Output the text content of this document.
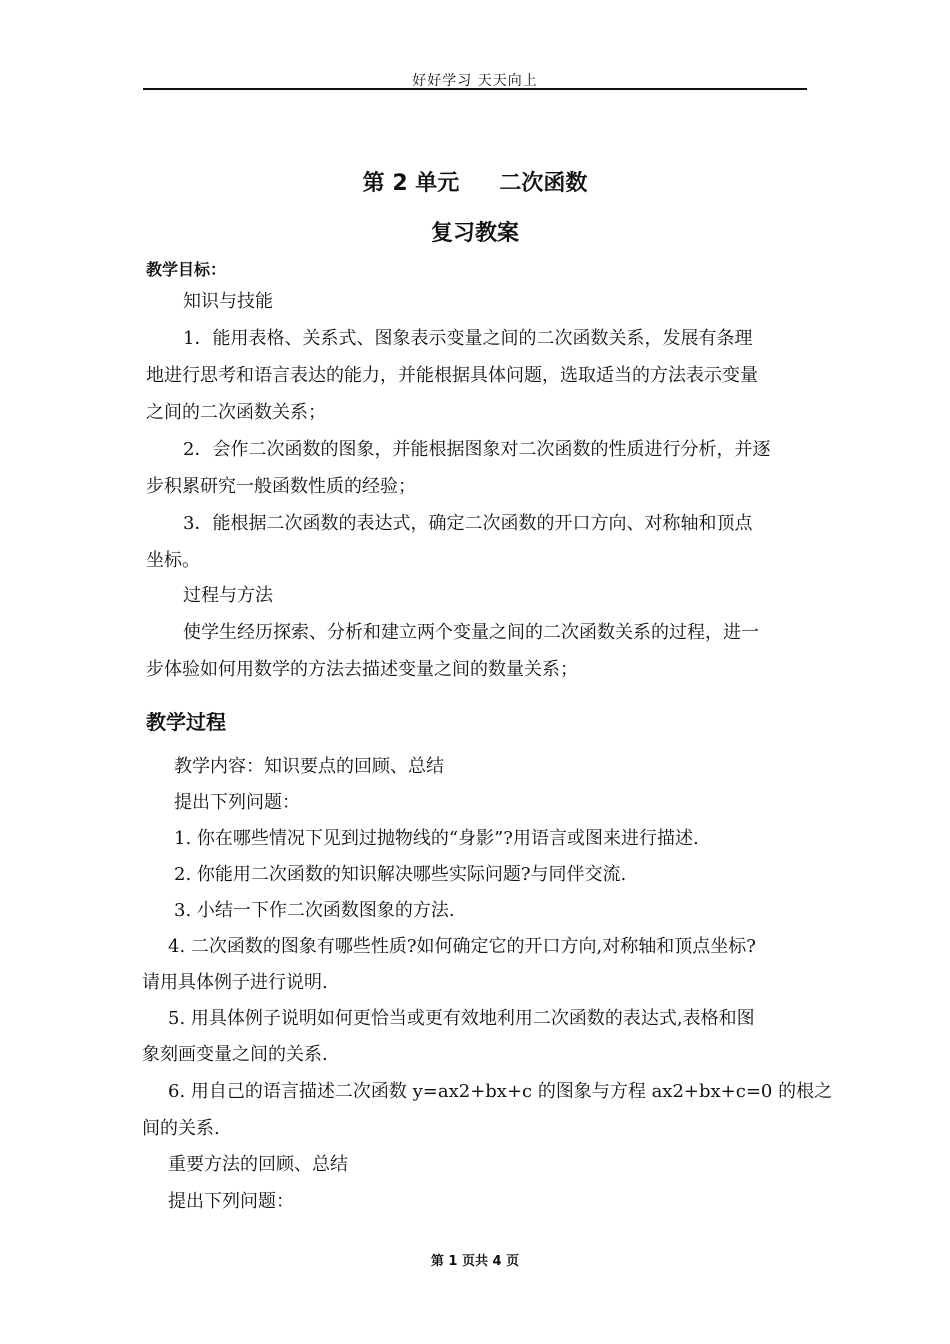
好好学习 天天向上
第 2 单元 二次函数
复习教案
教学目标：
知识与技能
1．能用表格、关系式、图象表示变量之间的二次函数关系，发展有条理
地进行思考和语言表达的能力，并能根据具体问题，选取适当的方法表示变量
之间的二次函数关系；
2．会作二次函数的图象，并能根据图象对二次函数的性质进行分析，并逐
步积累研究一般函数性质的经验；
3．能根据二次函数的表达式，确定二次函数的开口方向、对称轴和顶点
坐标。
过程与方法
使学生经历探索、分析和建立两个变量之间的二次函数关系的过程，进一
步体验如何用数学的方法去描述变量之间的数量关系；
教学过程
教学内容：知识要点的回顾、总结
提出下列问题：
1. 你在哪些情况下见到过抛物线的“身影”?用语言或图来进行描述.
2. 你能用二次函数的知识解决哪些实际问题?与同伴交流.
3. 小结一下作二次函数图象的方法.
4. 二次函数的图象有哪些性质?如何确定它的开口方向,对称轴和顶点坐标?
请用具体例子进行说明.
5. 用具体例子说明如何更恰当或更有效地利用二次函数的表达式,表格和图
象刻画变量之间的关系.
6. 用自己的语言描述二次函数 y=ax2+bx+c 的图象与方程 ax2+bx+c=0 的根之
间的关系.
重要方法的回顾、总结
提出下列问题：
第 1 页共 4 页
